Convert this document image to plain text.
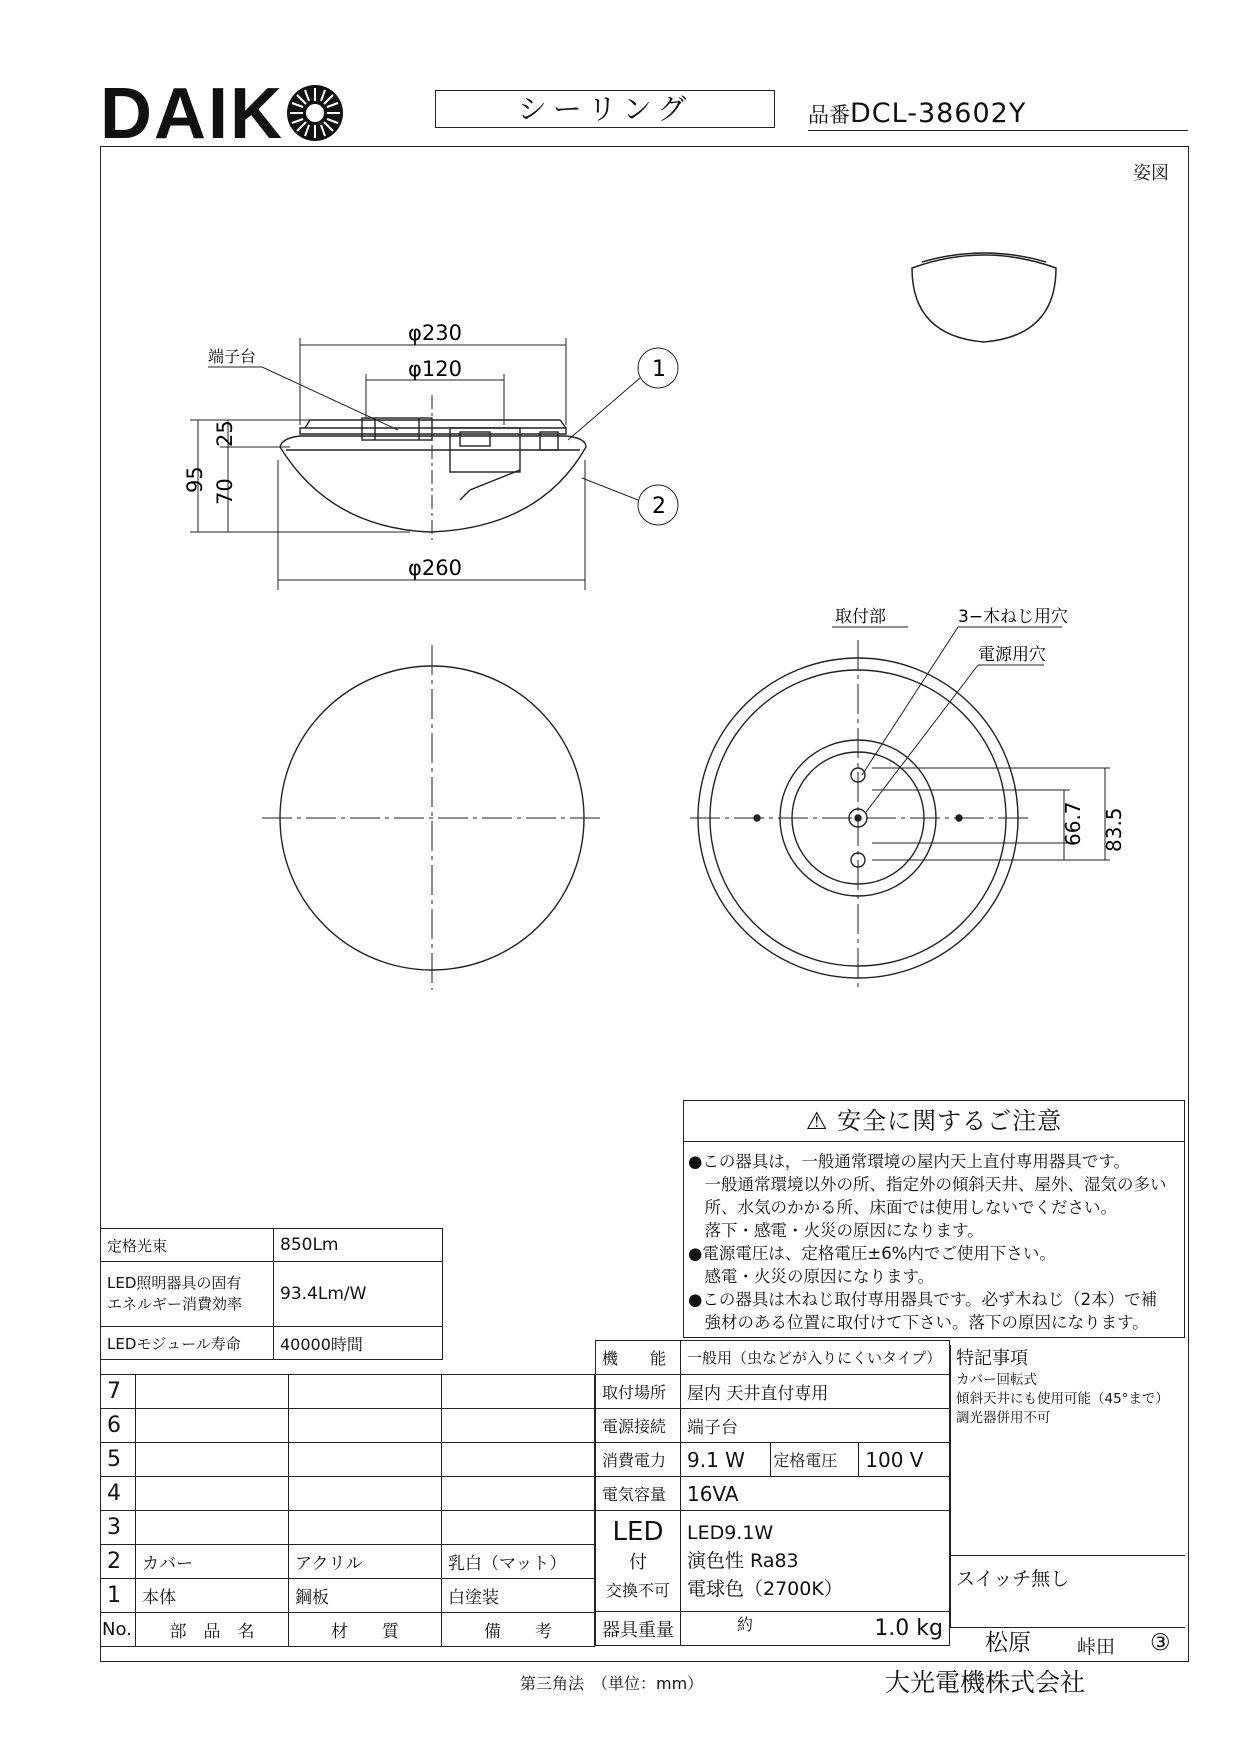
DAIK	シーリング	品番DCL-38602Y
姿図
φ230
φ120
φ260
端子台
25
95 70
1
2
取付部	3−木ねじ用穴
電源用穴
66.7 83.5
⚠ 安全に関するご注意
●この器具は，一般通常環境の屋内天上直付専用器具です。
　一般通常環境以外の所、指定外の傾斜天井、屋外、湿気の多い
　所、水気のかかる所、床面では使用しないでください。
　落下・感電・火災の原因になります。
●電源電圧は、定格電圧±6%内でご使用下さい。
　感電・火災の原因になります。
●この器具は木ねじ取付専用器具です。必ず木ねじ（2本）で補
　強材のある位置に取付けて下さい。落下の原因になります。
定格光束	850Lm
LED照明器具の固有
エネルギー消費効率	93.4Lm/W
LEDモジュール寿命	40000時間
7			
6			
5			
4			
3			
2	カバー	アクリル	乳白（マット）
1	本体	鋼板	白塗装
No.	部　品　名	材　　質	備　　考
機　　能	一般用（虫などが入りにくいタイプ）		
取付場所	屋内 天井直付専用		
電源接続	端子台		
消費電力	9.1 W	定格電圧	100 V
電気容量	16VA		
LED
付
交換不可	LED9.1W
演色性 Ra83
電球色（2700K）		
器具重量	約 1.0 kg		
特記事項
カバー回転式
傾斜天井にも使用可能（45°まで）
調光器併用不可
スイッチ無し
松原 峠田 ③
第三角法　（単位：mm）	大光電機株式会社
